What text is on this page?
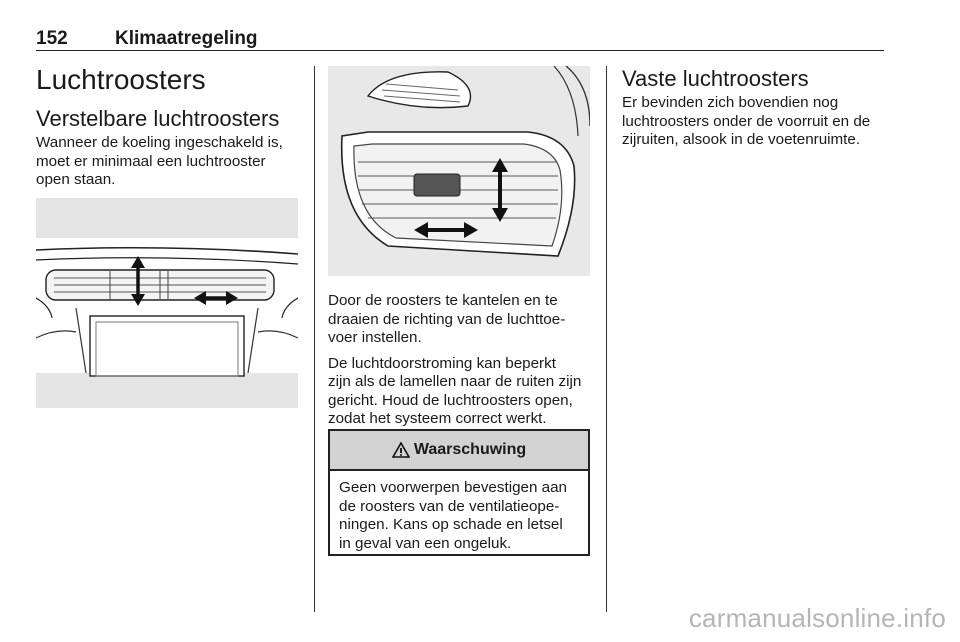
152 Klimaatregeling
Luchtroosters
Verstelbare luchtroosters

Wanneer de koeling ingeschakeld is,

moet er minimaal een luchtrooster

open staan.

Door de roosters te kantelen en te

draaien de richting van de luchttoe-

voer instellen.

De luchtdoorstroming kan beperkt

zijn als de lamellen naar de ruiten zijn

gericht. Houd de luchtroosters open,

zodat het systeem correct werkt.

Waarschuwing

Geen voorwerpen bevestigen aan

de roosters van de ventilatieope-

ningen. Kans op schade en letsel

in geval van een ongeluk.

Vaste luchtroosters

Er bevinden zich bovendien nog

luchtroosters onder de voorruit en de

zijruiten, alsook in de voetenruimte.

carmanualsonline.info
